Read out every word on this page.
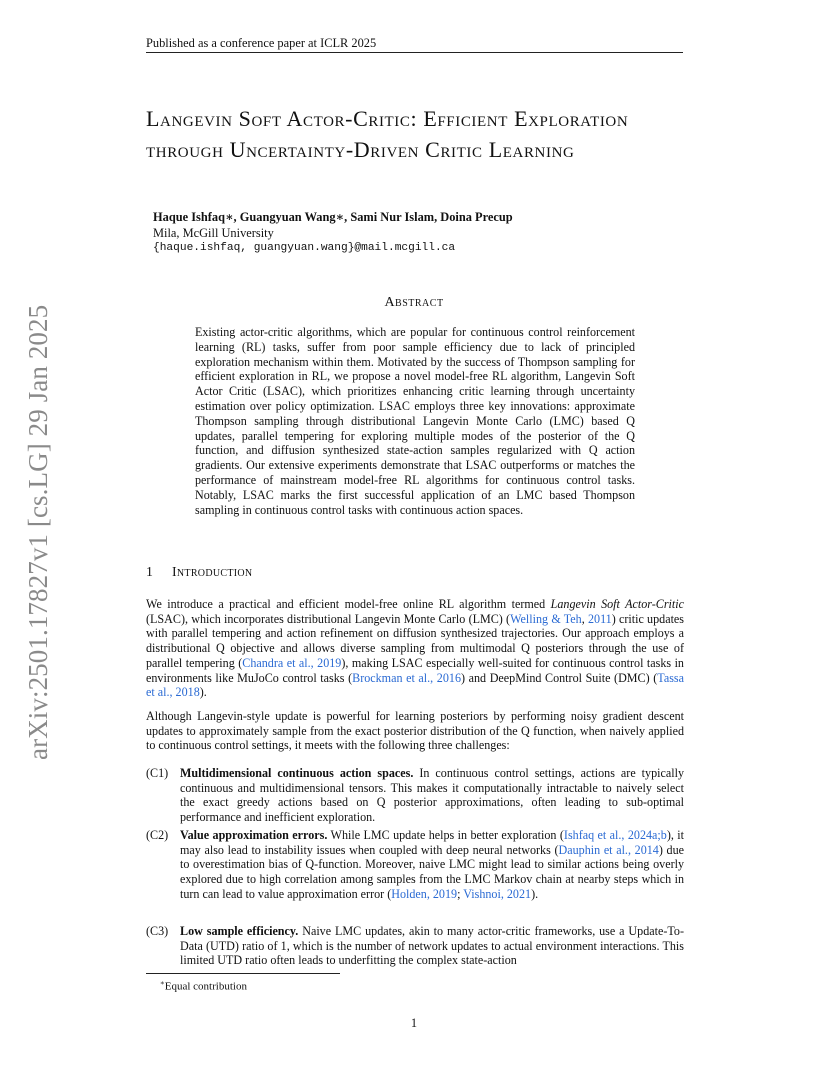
Published as a conference paper at ICLR 2025
arXiv:2501.17827v1 [cs.LG] 29 Jan 2025
Langevin Soft Actor-Critic: Efficient Exploration through Uncertainty-Driven Critic Learning
Haque Ishfaq∗, Guangyuan Wang∗, Sami Nur Islam, Doina Precup
Mila, McGill University
{haque.ishfaq, guangyuan.wang}@mail.mcgill.ca
Abstract

Existing actor-critic algorithms, which are popular for continuous control reinforcement learning (RL) tasks, suffer from poor sample efficiency due to lack of principled exploration mechanism within them. Motivated by the success of Thompson sampling for efficient exploration in RL, we propose a novel model-free RL algorithm, Langevin Soft Actor Critic (LSAC), which prioritizes enhancing critic learning through uncertainty estimation over policy optimization. LSAC employs three key innovations: approximate Thompson sampling through distributional Langevin Monte Carlo (LMC) based Q updates, parallel tempering for exploring multiple modes of the posterior of the Q function, and diffusion synthesized state-action samples regularized with Q action gradients. Our extensive experiments demonstrate that LSAC outperforms or matches the performance of mainstream model-free RL algorithms for continuous control tasks. Notably, LSAC marks the first successful application of an LMC based Thompson sampling in continuous control tasks with continuous action spaces.

1 Introduction

We introduce a practical and efficient model-free online RL algorithm termed Langevin Soft Actor-Critic (LSAC), which incorporates distributional Langevin Monte Carlo (LMC) (Welling & Teh, 2011) critic updates with parallel tempering and action refinement on diffusion synthesized trajectories. Our approach employs a distributional Q objective and allows diverse sampling from multimodal Q posteriors through the use of parallel tempering (Chandra et al., 2019), making LSAC especially well-suited for continuous control tasks in environments like MuJoCo control tasks (Brockman et al., 2016) and DeepMind Control Suite (DMC) (Tassa et al., 2018).

Although Langevin-style update is powerful for learning posteriors by performing noisy gradient descent updates to approximately sample from the exact posterior distribution of the Q function, when naively applied to continuous control settings, it meets with the following three challenges:

(C1) Multidimensional continuous action spaces. In continuous control settings, actions are typically continuous and multidimensional tensors. This makes it computationally intractable to naively select the exact greedy actions based on Q posterior approximations, often leading to sub-optimal performance and inefficient exploration.
(C2) Value approximation errors. While LMC update helps in better exploration (Ishfaq et al., 2024a;b), it may also lead to instability issues when coupled with deep neural networks (Dauphin et al., 2014) due to overestimation bias of Q-function. Moreover, naive LMC might lead to similar actions being overly explored due to high correlation among samples from the LMC Markov chain at nearby steps which in turn can lead to value approximation error (Holden, 2019; Vishnoi, 2021).
(C3) Low sample efficiency. Naive LMC updates, akin to many actor-critic frameworks, use a Update-To-Data (UTD) ratio of 1, which is the number of network updates to actual environment interactions. This limited UTD ratio often leads to underfitting the complex state-action
∗Equal contribution
1
